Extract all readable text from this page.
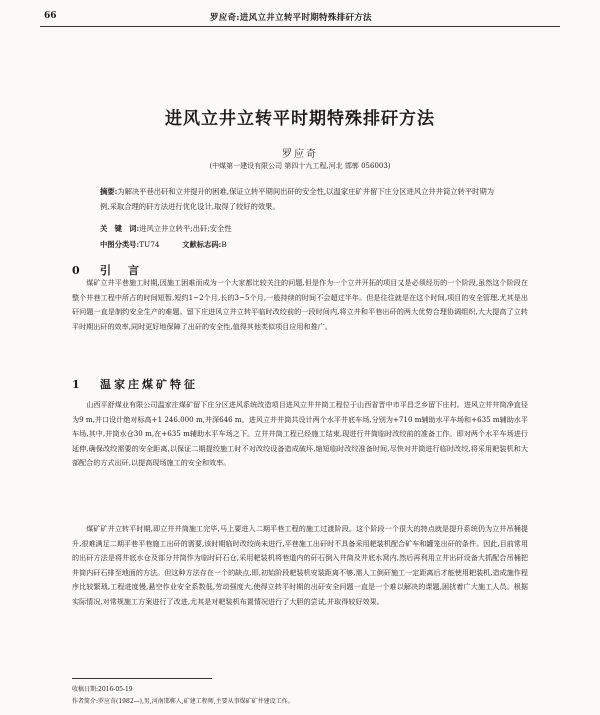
66	罗应奇:进风立井立转平时期特殊排矸方法
进风立井立转平时期特殊排矸方法
罗应奇
(中煤第一建设有限公司 第四十九工程,河北 邯郸 056003)
摘要:为解决平巷出矸和立井提升的困难,保证立转平期间出矸的安全性,以温家庄矿井留下庄分区进风立井井筒立转平时期为例,采取合理的矸方法进行优化设计,取得了较好的效果。
关　键　词:进风立井立转平;出矸;安全性
中图分类号:TU74	文献标志码:B
0 引　言

煤矿立井平巷施工时期,因施工困难而成为一个大家都比较关注的问题,但是作为一个立井开拓的项目又是必须经历的一个阶段,虽然这个阶段在整个井巷工程中所占的时间短暂,短约1~2个月,长的3~5个月,一般持续的时间不会超过半年。但是往往就是在这个时间,项目的安全管理,尤其是出矸问题一直是制约安全生产的难题。留下庄进风立井立转平临时改绞前的一段时间内,将立井和平巷出矸的两大优势合理协调组织,大大提高了立转平时期出矸的效率,同时更好地保障了出矸的安全性,值得其他类似项目应用和推广。

1 温家庄煤矿特征

山西平舒煤业有限公司温家庄煤矿留下庄分区进风系统改造项目进风立井井筒工程位于山西省晋中市平昌乏乡留下庄村。进风立井井筒净直径为9 m,井口设计绝对标高+1 246.000 m,井深646 m。进风立井井筒共设计两个水平井底车场,分别为+710 m辅助水平车场和+635 m辅助水平车场,其中,井筒水仓30 m,在+635 m辅助水平车场之下。立井井筒工程已经施工结束,现进行井筒临时改绞前的准备工作。即对两个水平车场进行延伸,确保改绞需要的安全距离,以保证二期提绞施工时不对改绞设备造成破坏,缩短临时改绞准备时间,尽快对井筒进行临时改绞,将采用耙装机和大部配合的方式出矸,以提高现场施工的安全和效率。

煤矿矿井立转平时期,即立井井筒施工完毕,马上要进入二期平巷工程的施工过渡阶段。这个阶段一个很大的特点就是提升系统仍为立井吊桶提升,很难满足二期平巷平巷施工出矸的需要,该时期临时改绞尚未进行,平巷施工出矸时不具备采用耙装机配合矿车和罐笼出矸的条件。因此,目前常用的出矸方法是将井底水仓及部分井筒作为临时矸石仓,采用耙装机将巷道内的矸石倒入井筒及井底水窝内,然后再利用立井出矸设备大抓配合吊桶把井筒内矸石排至地面的方法。但这种方法存在一个的缺点,即,初始阶段耙装机安装距离不够,需人工倒矸施工一定距离后才能使用耙装机,造成施作程序比较繁琐,工程进度慢,悬空作业安全系数低,劳动强度大,使得立转平时期的出矸安全问题一直是一个难以解决的课题,困扰着广大施工人员。根据实际情况,对常规施工方案进行了改进,尤其是对耙装机布置情况进行了大胆的尝试,并取得较好效果。

收稿日期:2016-05-19
作者简介:罗应奇(1982—),男,河南邯郸人,矿建工程师,主要从事煤矿矿井建设工作。
